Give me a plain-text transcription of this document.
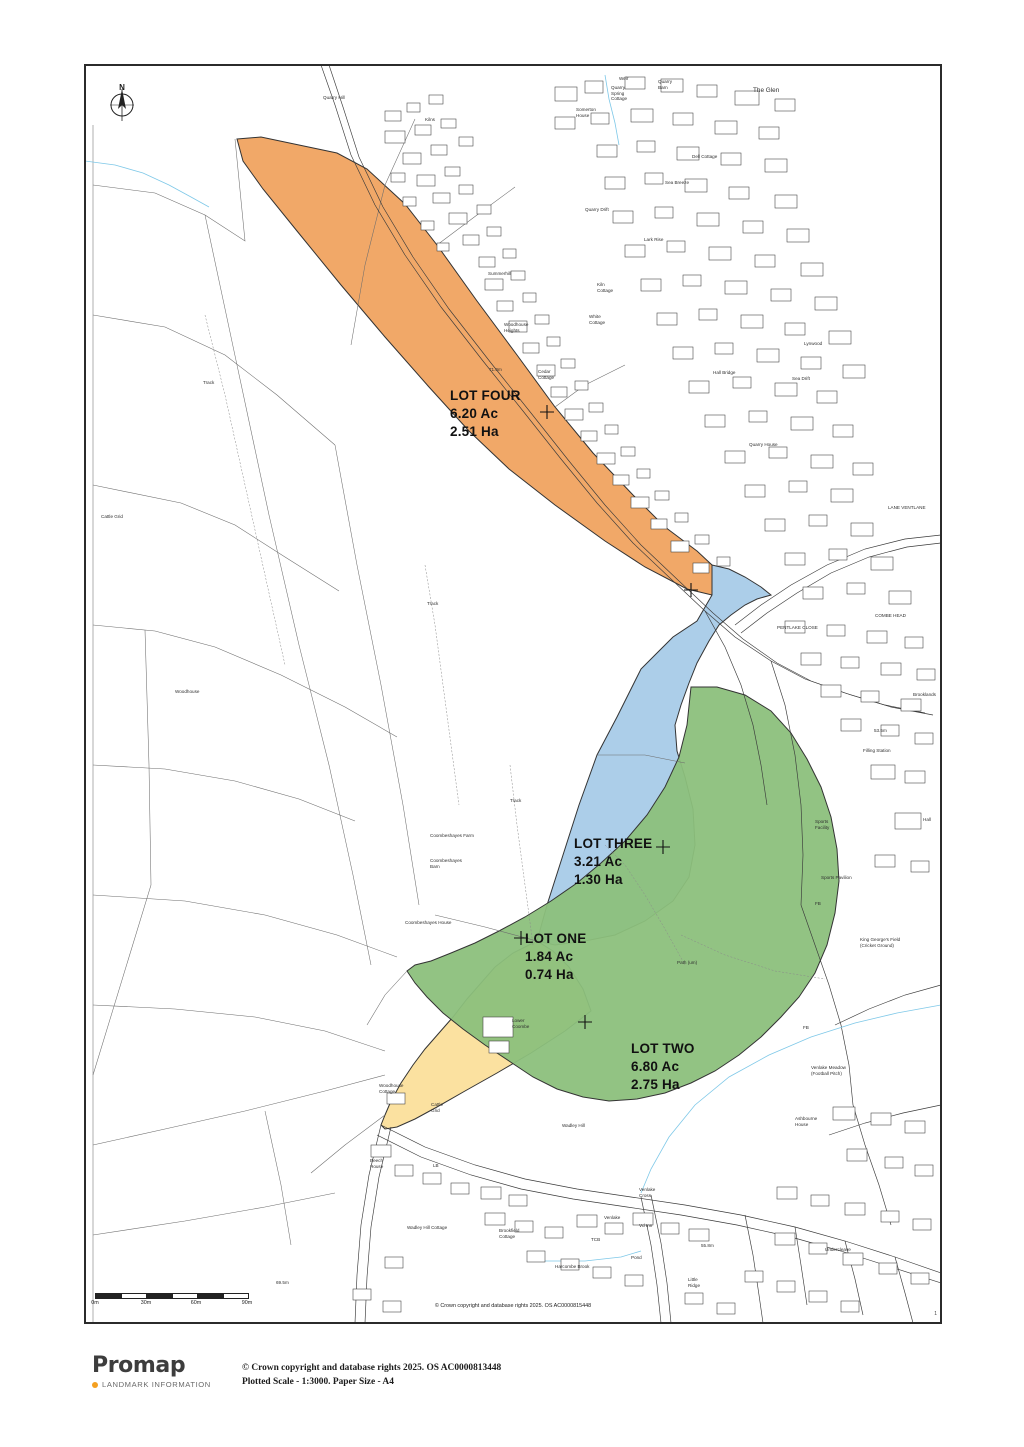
N
LOT FOUR
6.20 Ac
2.51 Ha
LOT THREE
3.21 Ac
1.30 Ha
LOT ONE
1.84 Ac
0.74 Ha
LOT TWO
6.80 Ac
2.75 Ha
The Glen
Quarry
Barn
Quarry
Spring
Cottage
Weir
Somerton
House
Dell Cottage
Sea Breeze
Quarry Drift
Lark Rise
Kiln
Cottage
White
Cottage
Woodhouse
Heights
Summerhill
Cedar
Cottage
Lynwood
Sea Drift
Quarry House
71.0m
Cattle Grid
Woodhouse
Track
Track
Track
Coombeshayes Farm
Coombeshayes
Barn
Coombeshayes House
Lower
Coombe
Woodhouse
Cottage
Cattle
Grid
Beech
House
Wadley Hill
Wadley Hill Cottage
Brookfield
Cottage
Venlake
Cross
Venlake
Vd Inn
Pond
Harcombe Brook
55.8m
69.5m
53.5m
Filling Station
Sports
Facility
Sports Pavilion
Hall
FB
FB
King George's Field
(Cricket Ground)
Venlake Meadow
(Football Pitch)
Ashbourne
House
Undercleave
Little
Ridge
Brooklands
Path (um)
LANE VENTLANE
PENTLAKE CLOSE
COMBE HEAD
Quarry Hill
Kilns
LB
TCB
Hall Bridge
0m	30m	60m	90m	© Crown copyright and database rights 2025. OS AC0000815448
1
Promap
LANDMARK INFORMATION
© Crown copyright and database rights 2025. OS AC0000813448
Plotted Scale - 1:3000. Paper Size - A4
